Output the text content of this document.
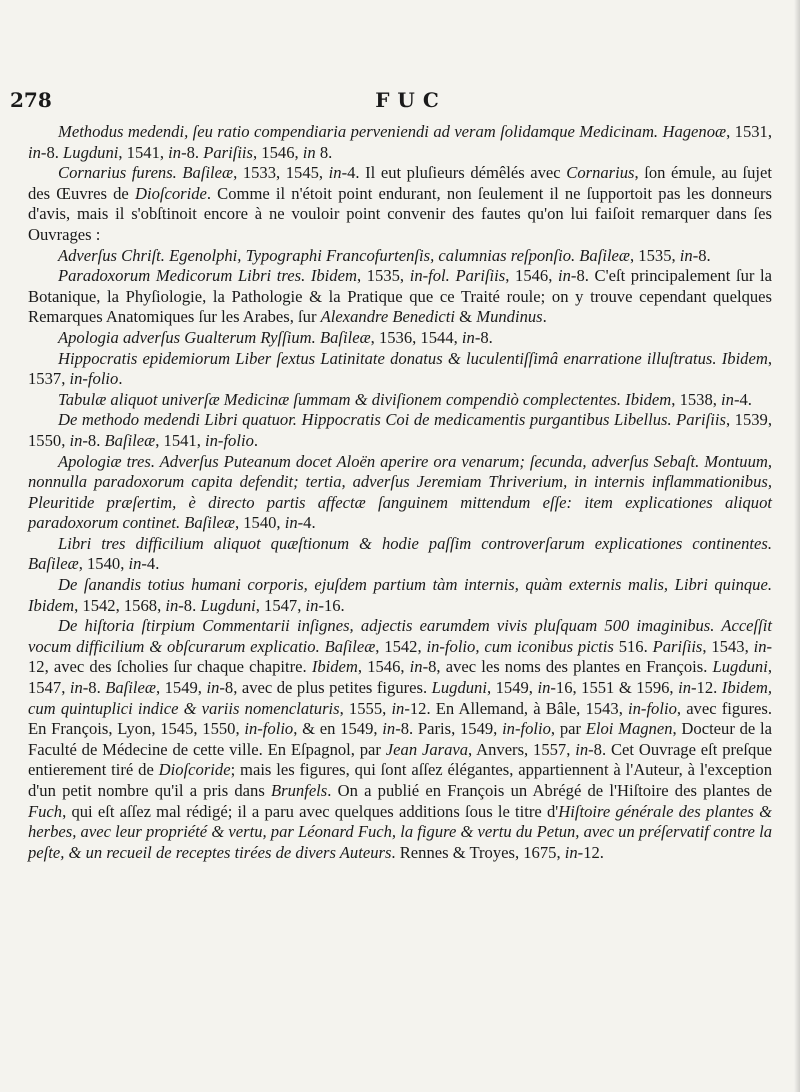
278	FUC

Methodus medendi, ſeu ratio compendiaria perveniendi ad veram ſolidamque Medicinam. Hagenoæ, 1531, in-8. Lugduni, 1541, in-8. Pariſiis, 1546, in 8.

Cornarius furens. Baſileæ, 1533, 1545, in-4. Il eut pluſieurs démêlés avec Cornarius, ſon émule, au ſujet des Œuvres de Dioſcoride. Comme il n'étoit point endurant, non ſeulement il ne ſupportoit pas les donneurs d'avis, mais il s'obſtinoit encore à ne vouloir point convenir des fautes qu'on lui faiſoit remarquer dans ſes Ouvrages :

Adverſus Chriſt. Egenolphi, Typographi Francofurtenſis, calumnias reſponſio. Baſileæ, 1535, in-8.

Paradoxorum Medicorum Libri tres. Ibidem, 1535, in-fol. Pariſiis, 1546, in-8. C'eſt principalement ſur la Botanique, la Phyſiologie, la Pathologie & la Pratique que ce Traité roule; on y trouve cependant quelques Remarques Anatomiques ſur les Arabes, ſur Alexandre Benedicti & Mundinus.

Apologia adverſus Gualterum Ryſſium. Baſileæ, 1536, 1544, in-8.

Hippocratis epidemiorum Liber ſextus Latinitate donatus & luculentiſſimâ enarratione illuſtratus. Ibidem, 1537, in-folio.

Tabulæ aliquot univerſæ Medicinæ ſummam & diviſionem compendiò complectentes. Ibidem, 1538, in-4.

De methodo medendi Libri quatuor. Hippocratis Coi de medicamentis purgantibus Libellus. Pariſiis, 1539, 1550, in-8. Baſileæ, 1541, in-folio.

Apologiæ tres. Adverſus Puteanum docet Aloën aperire ora venarum; ſecunda, adverſus Sebaſt. Montuum, nonnulla paradoxorum capita defendit; tertia, adverſus Jeremiam Thriverium, in internis inflammationibus, Pleuritide præſertim, è directo partis affectæ ſanguinem mittendum eſſe: item explicationes aliquot paradoxorum continet. Baſileæ, 1540, in-4.

Libri tres difficilium aliquot quæſtionum & hodie paſſim controverſarum explicationes continentes. Baſileæ, 1540, in-4.

De ſanandis totius humani corporis, ejuſdem partium tàm internis, quàm externis malis, Libri quinque. Ibidem, 1542, 1568, in-8. Lugduni, 1547, in-16.

De hiſtoria ſtirpium Commentarii inſignes, adjectis earumdem vivis pluſquam 500 imaginibus. Acceſſit vocum difficilium & obſcurarum explicatio. Baſileæ, 1542, in-folio, cum iconibus pictis 516. Pariſiis, 1543, in-12, avec des ſcholies ſur chaque chapitre. Ibidem, 1546, in-8, avec les noms des plantes en François. Lugduni, 1547, in-8. Baſileæ, 1549, in-8, avec de plus petites figures. Lugduni, 1549, in-16, 1551 & 1596, in-12. Ibidem, cum quintuplici indice & variis nomenclaturis, 1555, in-12. En Allemand, à Bâle, 1543, in-folio, avec figures. En François, Lyon, 1545, 1550, in-folio, & en 1549, in-8. Paris, 1549, in-folio, par Eloi Magnen, Docteur de la Faculté de Médecine de cette ville. En Eſpagnol, par Jean Jarava, Anvers, 1557, in-8. Cet Ouvrage eſt preſque entierement tiré de Dioſcoride; mais les figures, qui ſont aſſez élégantes, appartiennent à l'Auteur, à l'exception d'un petit nombre qu'il a pris dans Brunfels. On a publié en François un Abrégé de l'Hiſtoire des plantes de Fuch, qui eſt aſſez mal rédigé; il a paru avec quelques additions ſous le titre d'Hiſtoire générale des plantes & herbes, avec leur propriété & vertu, par Léonard Fuch, la figure & vertu du Petun, avec un préſervatif contre la peſte, & un recueil de receptes tirées de divers Auteurs. Rennes & Troyes, 1675, in-12.
